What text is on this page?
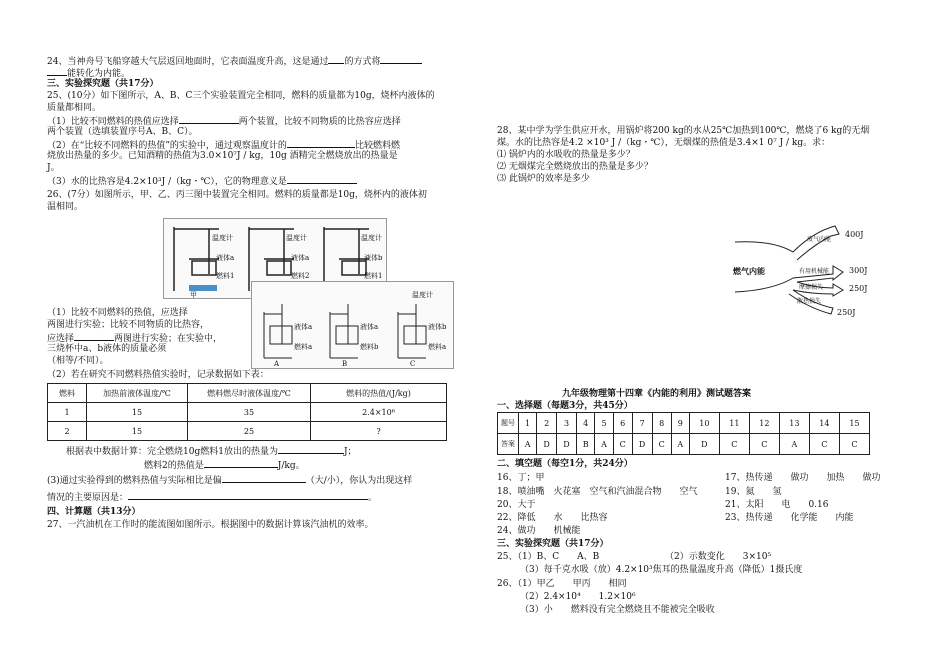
24、当神舟号飞船穿越大气层返回地面时，它表面温度升高，这是通过 的方式将
能转化为内能。
三、实验探究题（共17分）
25、(10分）如下图所示，A、B、C三个实验装置完全相同，燃料的质量都为10g，烧杯内液体的
质量都相同。
（1）比较不同燃料的热值应选择	两个装置，比较不同物质的比热容应选择
两个装置（选填装置序号A、B、C）。
（2）在“比较不同燃料的热值”的实验中，通过观察温度计的	比较燃料燃
烧放出热量的多少。已知酒精的热值为3.0×10⁷J / kg，10g 酒精完全燃烧放出的热量是
J。
（3）水的比热容是4.2×10³J /（kg・℃），它的物理意义是
26、(7分）如图所示，甲、乙、丙三图中装置完全相同。燃料的质量都是10g，烧杯内的液体初
温相同。
温度计
液体a
燃料1
温度计
液体a
燃料2
温度计
液体b
燃料1
甲	温度计
液体a
燃料a
液体a
燃料b
液体b
燃料a
A	B	C
（1）比较不同燃料的热值，应选择
两图进行实验；比较不同物质的比热容，
应选择	两图进行实验；在实验中，
三烧杯中a、b液体的质量必须
（相等/不同）。
（2）若在研究不同燃料热值实验时，记录数据如下表：
燃料	加热前液体温度/℃	燃料燃尽时液体温度/℃	燃料的热值/(J/kg)
1	15	35	2.4×10⁶
2	15	25	?
根据表中数据计算：完全燃烧10g燃料1放出的热量为	J；
燃料2的热值是	J/kg。
(3)通过实验得到的燃料热值与实际相比是偏	（大/小），你认为出现这样
情况的主要原因是：	。
四、计算题（共13分）
27、一汽油机在工作时的能流图如图所示。根据图中的数据计算该汽油机的效率。
28、某中学为学生供应开水，用锅炉将200 kg的水从25℃加热到100℃，燃烧了6 kg的无烟
煤。水的比热容是4.2 ×10³ J /（kg・℃），无烟煤的热值是3.4×1 0⁷ J / kg。求：
⑴ 锅炉内的水吸收的热量是多少？
⑵ 无烟煤完全燃烧放出的热量是多少？
⑶ 此锅炉的效率是多少
燃气内能
废气内能
有用机械能
摩擦损失
散热损失
400J
300J
250J
250J
九年级物理第十四章《内能的利用》测试题答案
一、选择题（每题3分，共45分）
题号	1	2	3	4	5	6	7	8	9	10	11	12	13	14	15
答案	A	D	D	B	A	C	D	C	A	D	C	C	A	C	C
二、填空题（每空1分，共24分）
16、丁；甲	17、热传递　　做功　　加热　　做功
18、喷油嘴　火花塞　空气和汽油混合物　　空气	19、氦　　氢
20、大于	21、太阳　　电　　0.16
22、降低　　水　　比热容	23、热传递　　化学能　　内能
24、做功　　机械能
三、实验探究题（共17分）
25、（1）B、C　　A、B	（2）示数变化　　3×10⁵
（3）每千克水吸（放）4.2×10³焦耳的热量温度升高（降低）1摄氏度
26、（1）甲乙　　甲丙　　相同
（2）2.4×10⁴　　1.2×10⁶
（3）小　　燃料没有完全燃烧且不能被完全吸收
